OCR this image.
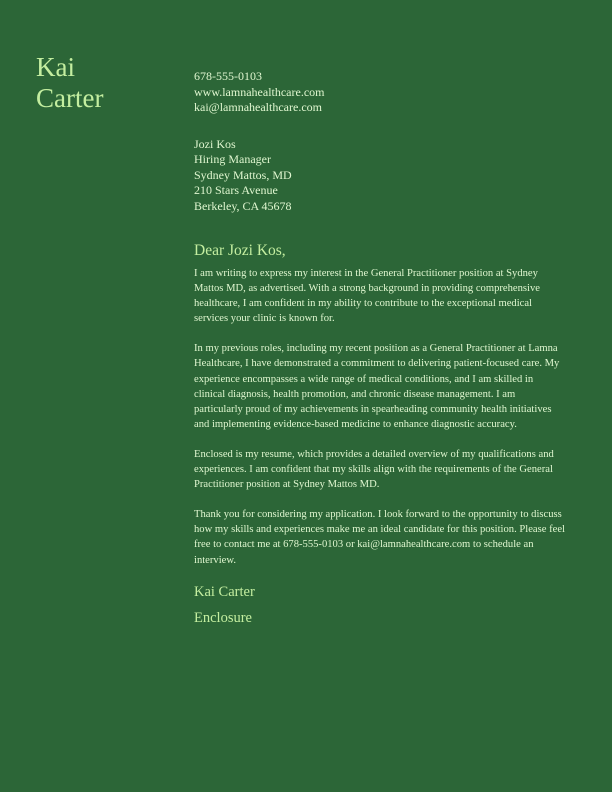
Kai
Carter
678-555-0103
www.lamnahealthcare.com
kai@lamnahealthcare.com
Jozi Kos
Hiring Manager
Sydney Mattos, MD
210 Stars Avenue
Berkeley, CA 45678
Dear Jozi Kos,

I am writing to express my interest in the General Practitioner position at Sydney Mattos MD, as advertised. With a strong background in providing comprehensive healthcare, I am confident in my ability to contribute to the exceptional medical services your clinic is known for.

In my previous roles, including my recent position as a General Practitioner at Lamna Healthcare, I have demonstrated a commitment to delivering patient-focused care. My experience encompasses a wide range of medical conditions, and I am skilled in clinical diagnosis, health promotion, and chronic disease management. I am particularly proud of my achievements in spearheading community health initiatives and implementing evidence-based medicine to enhance diagnostic accuracy.

Enclosed is my resume, which provides a detailed overview of my qualifications and experiences. I am confident that my skills align with the requirements of the General Practitioner position at Sydney Mattos MD.

Thank you for considering my application. I look forward to the opportunity to discuss how my skills and experiences make me an ideal candidate for this position. Please feel free to contact me at 678-555-0103 or kai@lamnahealthcare.com to schedule an interview.

Kai Carter
Enclosure
